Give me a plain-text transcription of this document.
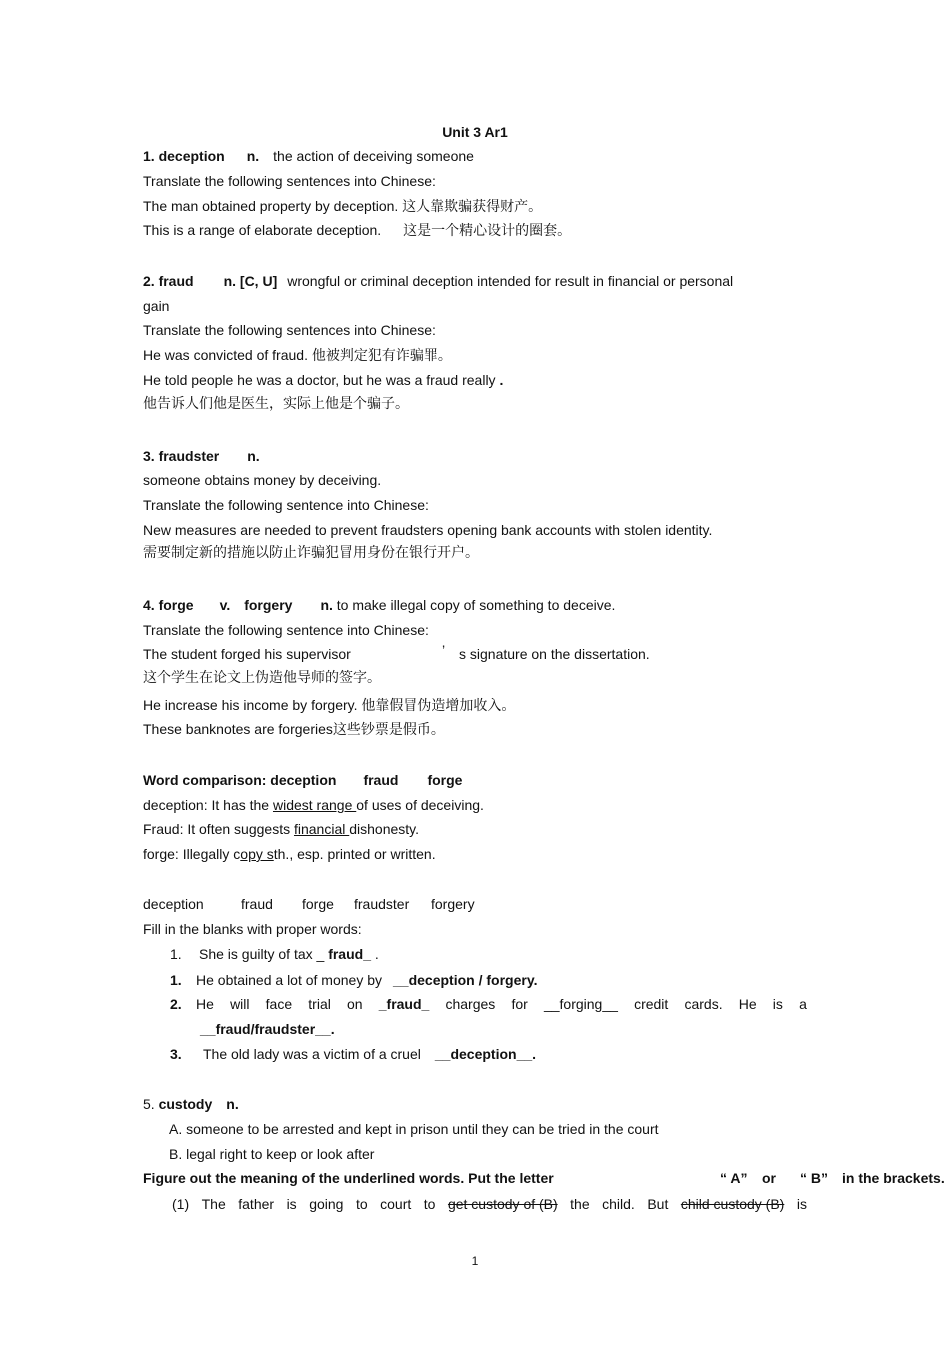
Unit 3 Ar1
1. deception n. the action of deceiving someone
Translate the following sentences into Chinese:
The man obtained property by deception. 这人靠欺骗获得财产。
This is a range of elaborate deception. 这是一个精心设计的圈套。
2. fraud n. [C, U] wrongful or criminal deception intended for result in financial or personal
gain
Translate the following sentences into Chinese:
He was convicted of fraud. 他被判定犯有诈骗罪。
He told people he was a doctor, but he was a fraud really .
他告诉人们他是医生，实际上他是个骗子。
3. fraudster n.
someone obtains money by deceiving.
Translate the following sentence into Chinese:
New measures are needed to prevent fraudsters opening bank accounts with stolen identity.
需要制定新的措施以防止诈骗犯冒用身份在银行开户。
4. forge v. forgery n. to make illegal copy of something to deceive.
Translate the following sentence into Chinese:
The student forged his supervisor	’ s signature on the dissertation.
这个学生在论文上伪造他导师的签字。
He increase his income by forgery. 他靠假冒伪造增加收入。
These banknotes are forgeries这些钞票是假币。
Word comparison: deception fraud forge
deception: It has the widest range of uses of deceiving.
Fraud: It often suggests financial dishonesty.
forge: Illegally copy sth., esp. printed or written.
deception	fraud forge fraudster forgery
Fill in the blanks with proper words:
1. She is guilty of tax _ fraud_ .
1. He obtained a lot of money by __deception / forgery.
2. He will face trial on _fraud_ charges for __forging__ credit cards. He is a
__fraud/fraudster__.
3. The old lady was a victim of a cruel __deception__.
5. custody n.
A. someone to be arrested and kept in prison until they can be tried in the court
B. legal right to keep or look after
Figure out the meaning of the underlined words. Put the letter	“ A” or “ B” in the brackets.
(1) The father is going to court to get custody of (B) the child. But child custody (B) is
1
